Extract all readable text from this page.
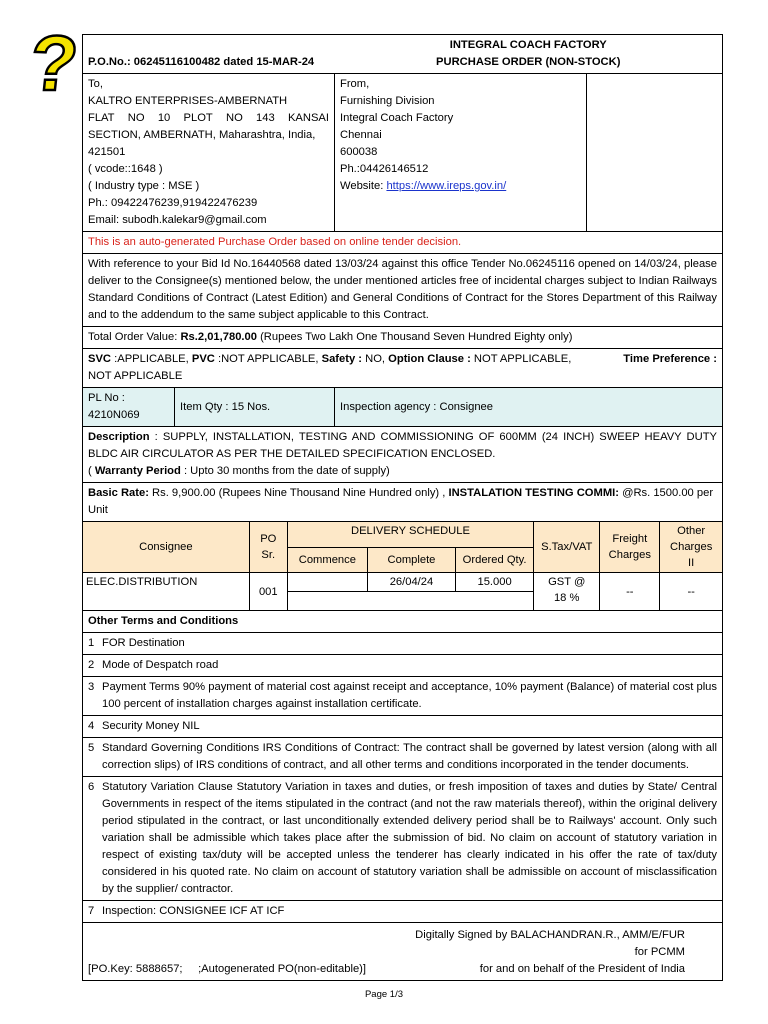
? P.O.No.: 06245116100482 dated 15-MAR-24	
INTEGRAL COACH FACTORY
PURCHASE ORDER (NON-STOCK)

To,
KALTRO ENTERPRISES-AMBERNATH
FLAT NO 10 PLOT NO 143 KANSAI
SECTION, AMBERNATH, Maharashtra, India,
421501
( vcode::1648 )
( Industry type : MSE )
Ph.: 09422476239,919422476239
Email: subodh.kalekar9@gmail.com

From,
Furnishing Division
Integral Coach Factory
Chennai
600038
Ph.:04426146512
Website: https://www.ireps.gov.in/

This is an auto-generated Purchase Order based on online tender decision.
With reference to your Bid Id No.16440568 dated 13/03/24 against this office Tender No.06245116 opened on 14/03/24, please deliver to the Consignee(s) mentioned below, the under mentioned articles free of incidental charges subject to Indian Railways Standard Conditions of Contract (Latest Edition) and General Conditions of Contract for the Stores Department of this Railway and to the addendum to the same subject applicable to this Contract.
Total Order Value: Rs.2,01,780.00 (Rupees Two Lakh One Thousand Seven Hundred Eighty only)

SVC :APPLICABLE, PVC :NOT APPLICABLE, Safety : NO, Option Clause : NOT APPLICABLE,	Time Preference :
NOT APPLICABLE

PL No :
4210N069
	Item Qty : 15 Nos.	Inspection agency : Consignee
Description : SUPPLY, INSTALLATION, TESTING AND COMMISSIONING OF 600MM (24 INCH) SWEEP HEAVY DUTY BLDC AIR CIRCULATOR AS PER THE DETAILED SPECIFICATION ENCLOSED.
( Warranty Period : Upto 30 months from the date of supply)
Basic Rate: Rs. 9,900.00 (Rupees Nine Thousand Nine Hundred only) , INSTALATION TESTING COMMI: @Rs. 1500.00 per Unit

Consignee	
PO
Sr.
	DELIVERY SCHEDULE	S.Tax/VAT	
Freight
Charges

Other
Charges
II

Commence	Complete	Ordered Qty.
ELEC.DISTRIBUTION	001		26/04/24	15.000	GST @
18 %
	--	--

Other Terms and Conditions

1 FOR Destination

2 Mode of Despatch road

3 Payment Terms 90% payment of material cost against receipt and acceptance, 10% payment (Balance) of material cost plus 100 percent of installation charges against installation certificate.

4 Security Money NIL

5 Standard Governing Conditions IRS Conditions of Contract: The contract shall be governed by latest version (along with all correction slips) of IRS conditions of contract, and all other terms and conditions incorporated in the tender documents.

6 Statutory Variation Clause Statutory Variation in taxes and duties, or fresh imposition of taxes and duties by State/ Central Governments in respect of the items stipulated in the contract (and not the raw materials thereof), within the original delivery period stipulated in the contract, or last unconditionally extended delivery period shall be to Railways' account. Only such variation shall be admissible which takes place after the submission of bid. No claim on account of statutory variation in respect of existing tax/duty will be accepted unless the tenderer has clearly indicated in his offer the rate of tax/duty considered in his quoted rate. No claim on account of statutory variation shall be admissible on account of misclassification by the supplier/ contractor.

7 Inspection: CONSIGNEE ICF AT ICF

Digitally Signed by BALACHANDRAN.R., AMM/E/FUR
for PCMM
[PO.Key: 5888657;     ;Autogenerated PO(non-editable)]	for and on behalf of the President of India
Page 1/3
